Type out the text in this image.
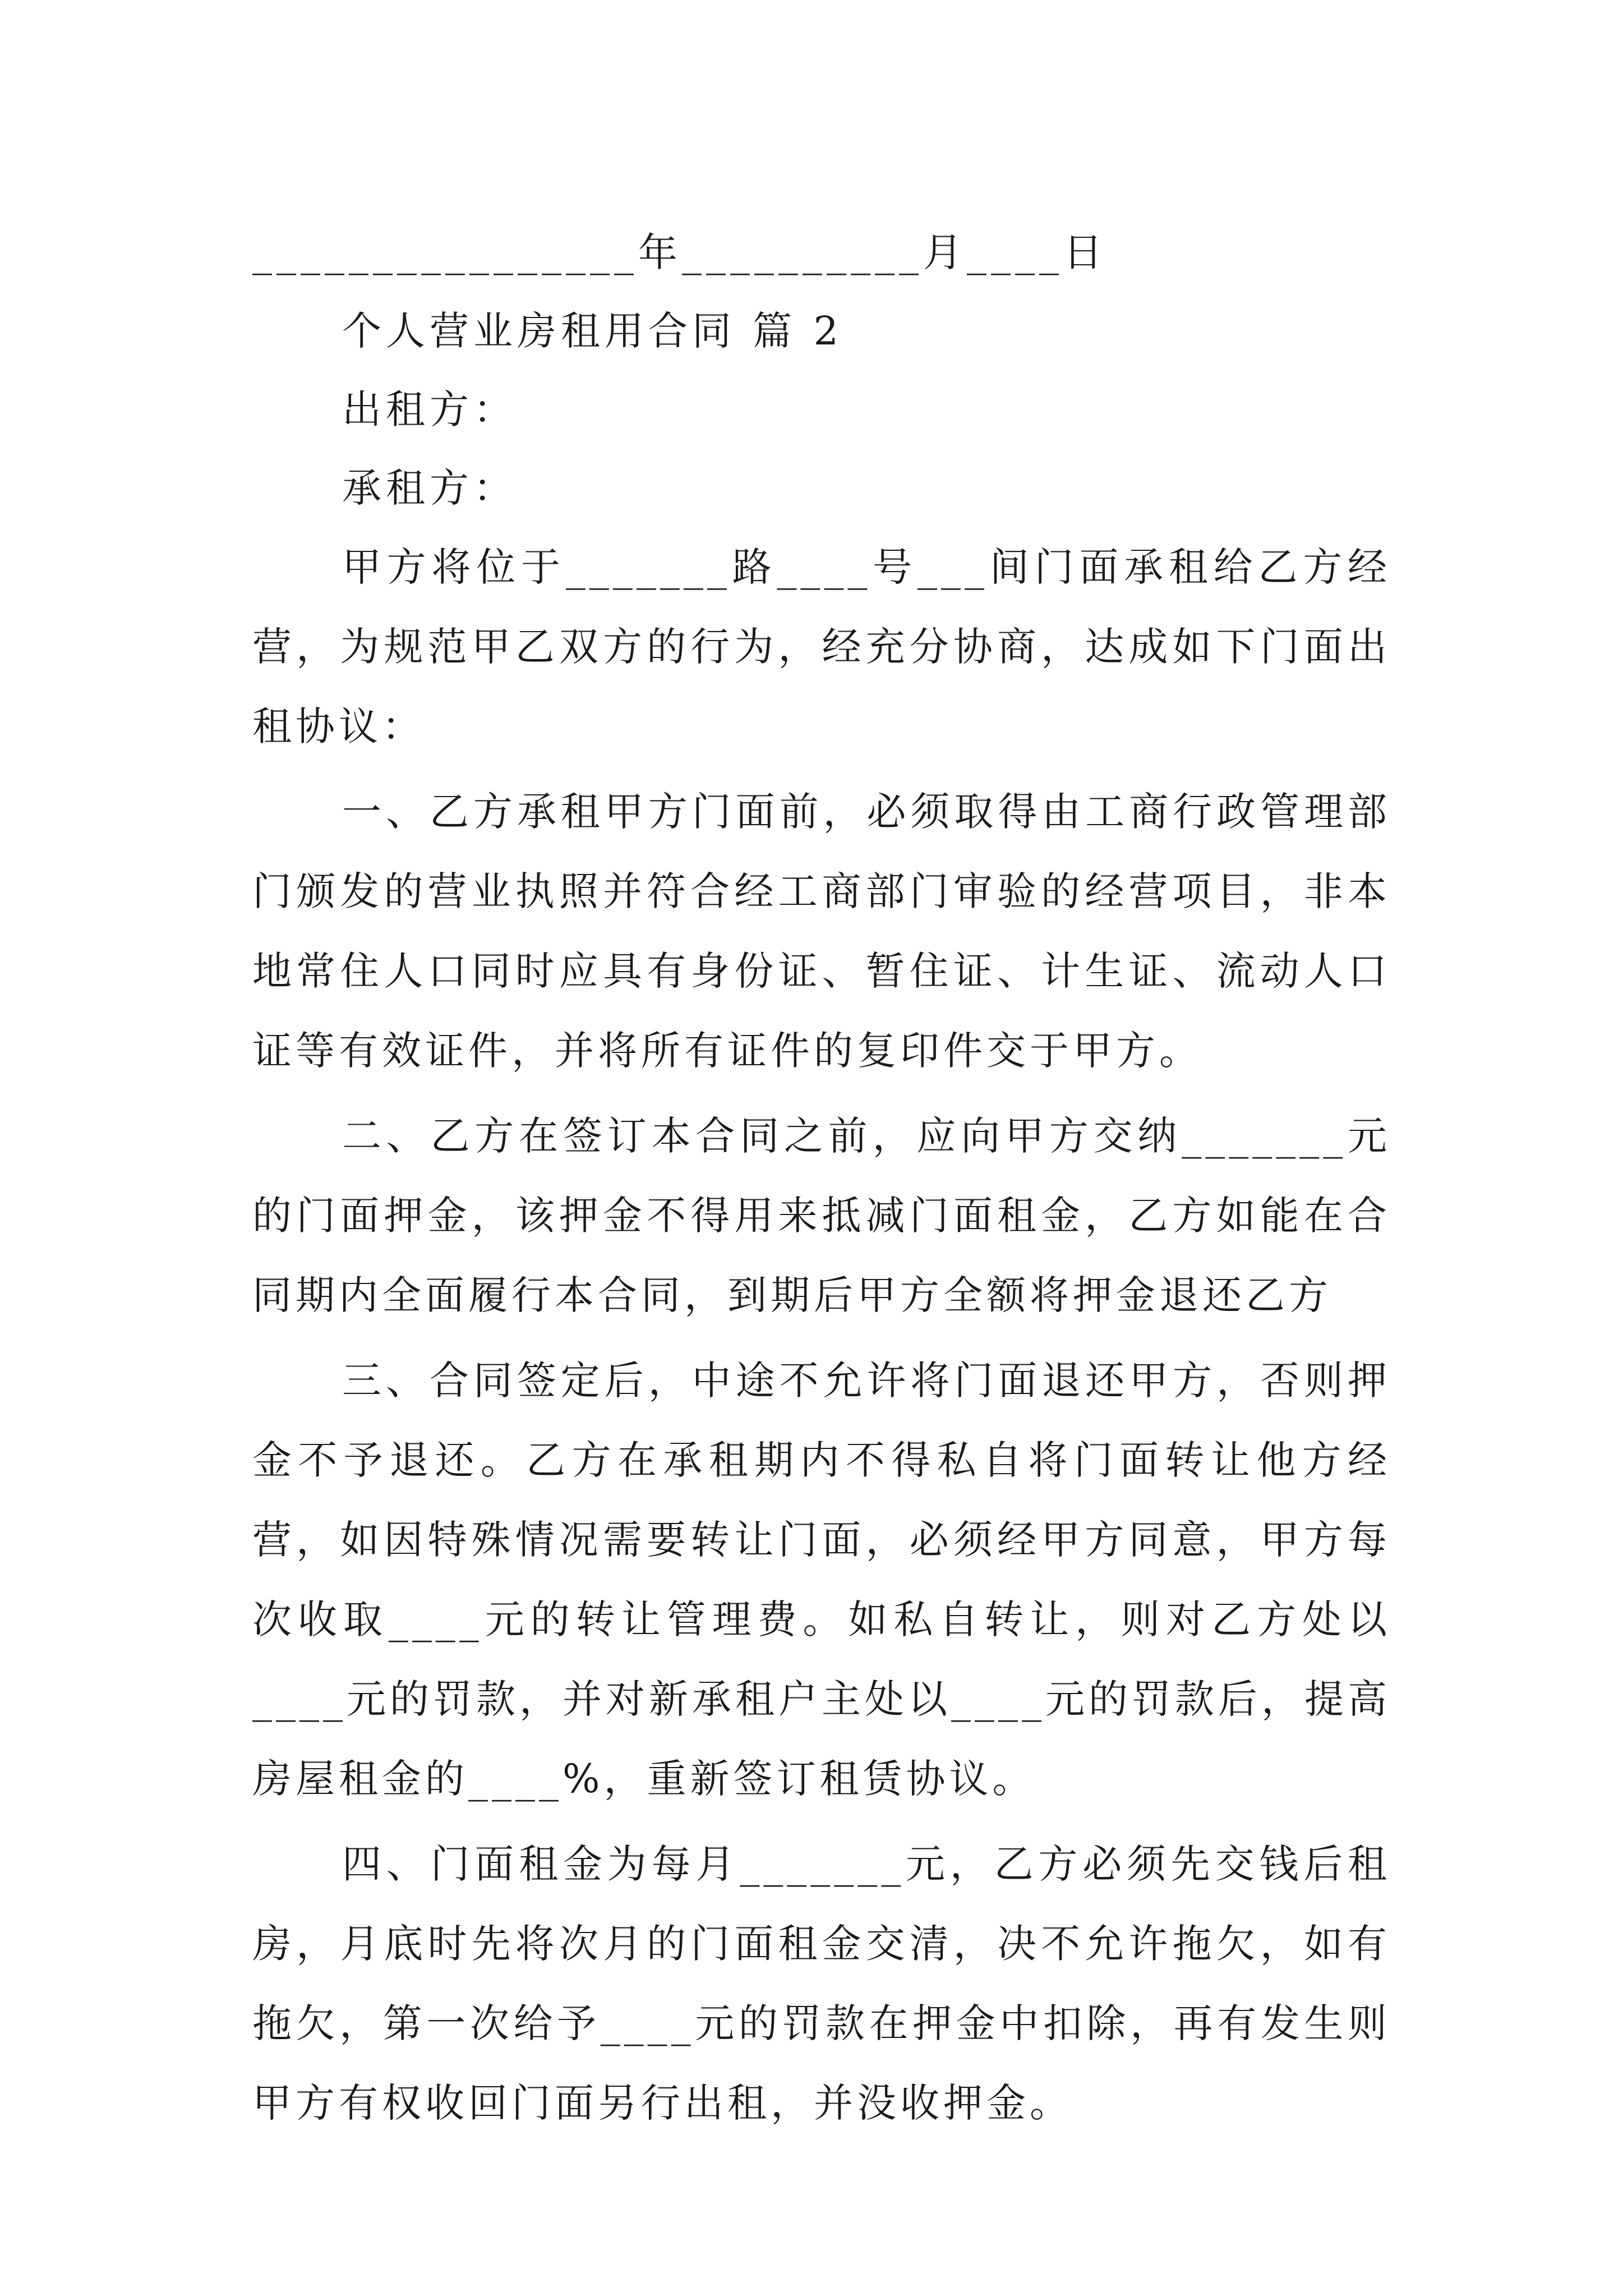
________________年__________月____日
个人营业房租用合同 篇 2
出租方：
承租方：

甲方将位于_______路____号___间门面承租给乙方经营，为规范甲乙双方的行为，经充分协商，达成如下门面出租协议：

一、乙方承租甲方门面前，必须取得由工商行政管理部门颁发的营业执照并符合经工商部门审验的经营项目，非本地常住人口同时应具有身份证、暂住证、计生证、流动人口证等有效证件，并将所有证件的复印件交于甲方。

二、乙方在签订本合同之前，应向甲方交纳_______元的门面押金，该押金不得用来抵减门面租金，乙方如能在合同期内全面履行本合同，到期后甲方全额将押金退还乙方

三、合同签定后，中途不允许将门面退还甲方，否则押金不予退还。乙方在承租期内不得私自将门面转让他方经营，如因特殊情况需要转让门面，必须经甲方同意，甲方每次收取____元的转让管理费。如私自转让，则对乙方处以____元的罚款，并对新承租户主处以____元的罚款后，提高房屋租金的____%，重新签订租赁协议。

四、门面租金为每月_______元，乙方必须先交钱后租房，月底时先将次月的门面租金交清，决不允许拖欠，如有拖欠，第一次给予____元的罚款在押金中扣除，再有发生则甲方有权收回门面另行出租，并没收押金。
